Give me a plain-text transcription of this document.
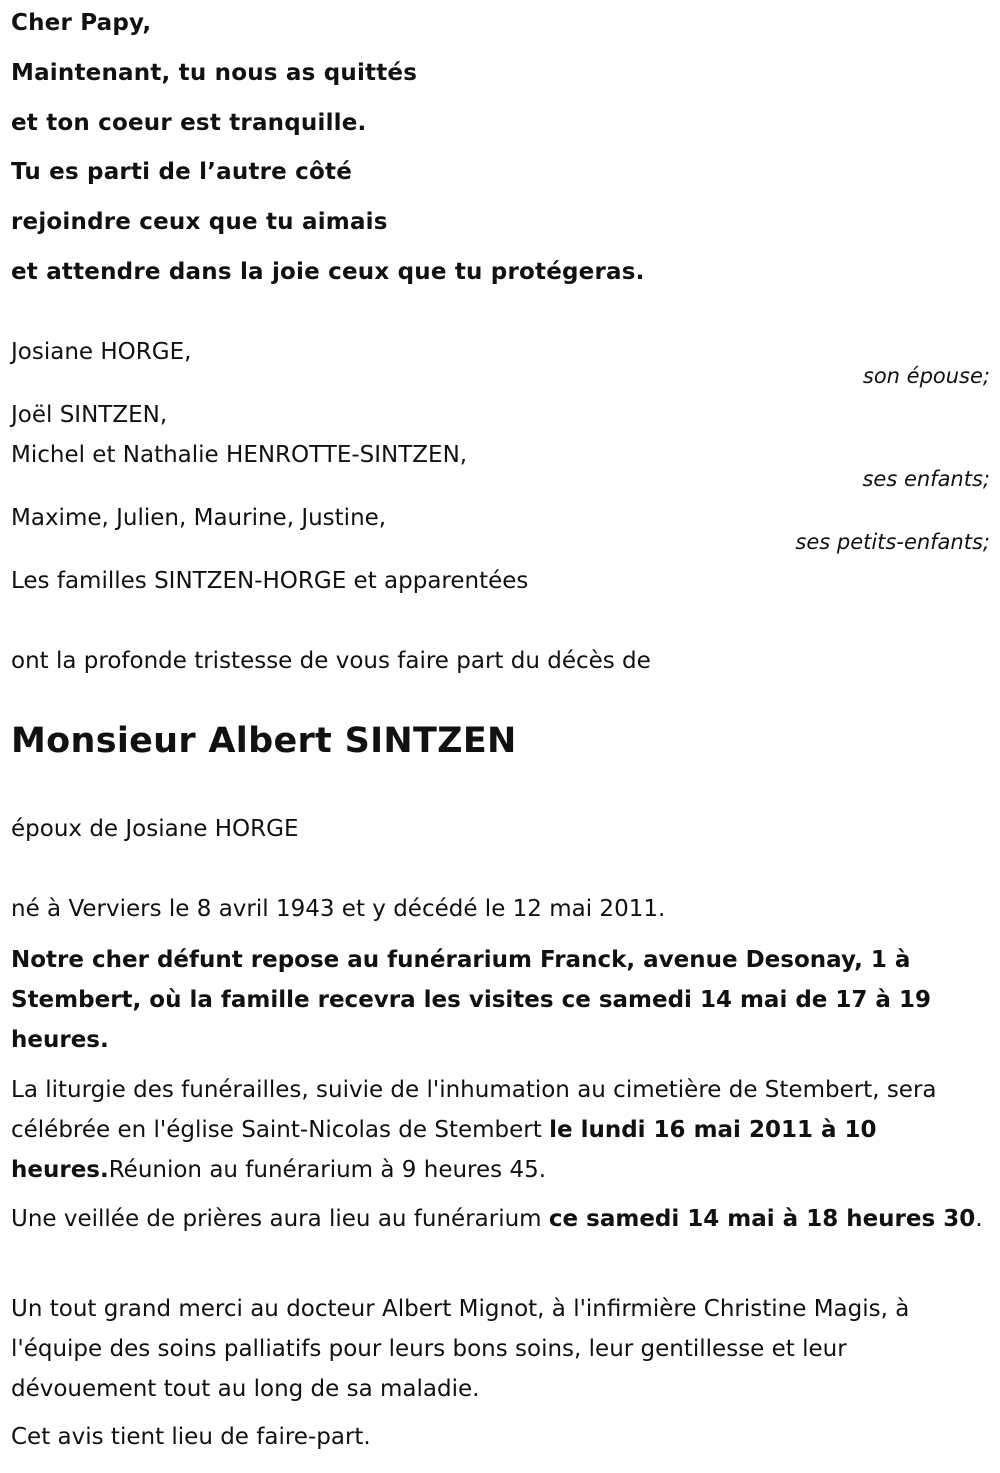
Cher Papy,
Maintenant, tu nous as quittés
et ton coeur est tranquille.
Tu es parti de l’autre côté
rejoindre ceux que tu aimais
et attendre dans la joie ceux que tu protégeras.
Josiane HORGE,
son épouse;
Joël SINTZEN,
Michel et Nathalie HENROTTE-SINTZEN,
ses enfants;
Maxime, Julien, Maurine, Justine,
ses petits-enfants;
Les familles SINTZEN-HORGE et apparentées
ont la profonde tristesse de vous faire part du décès de
Monsieur Albert SINTZEN
époux de Josiane HORGE
né à Verviers le 8 avril 1943 et y décédé le 12 mai 2011.
Notre cher défunt repose au funérarium Franck, avenue Desonay, 1 à Stembert, où la famille recevra les visites ce samedi 14 mai de 17 à 19 heures.
La liturgie des funérailles, suivie de l'inhumation au cimetière de Stembert, sera célébrée en l'église Saint-Nicolas de Stembert le lundi 16 mai 2011 à 10 heures.Réunion au funérarium à 9 heures 45.
Une veillée de prières aura lieu au funérarium ce samedi 14 mai à 18 heures 30.
Un tout grand merci au docteur Albert Mignot, à l'infirmière Christine Magis, à l'équipe des soins palliatifs pour leurs bons soins, leur gentillesse et leur dévouement tout au long de sa maladie.
Cet avis tient lieu de faire-part.
